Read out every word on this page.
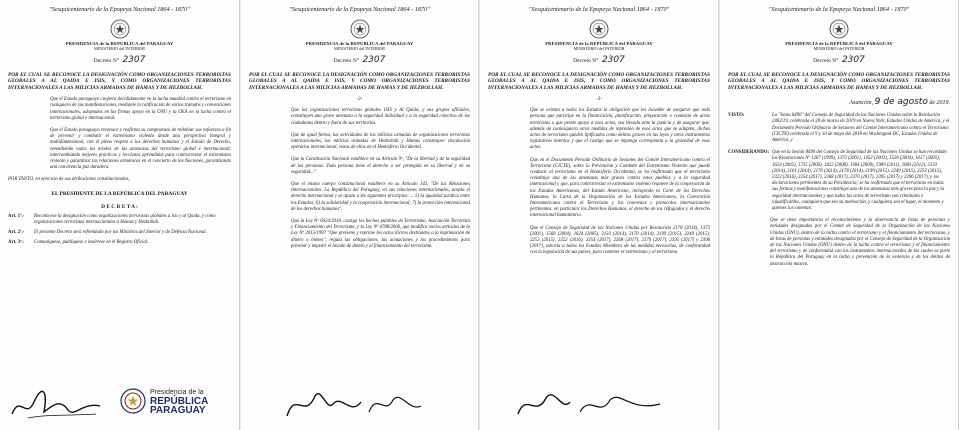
"Sesquicentenario de la Epopeya Nacional 1864 - 1870"
PRESIDENCIA de la REPÚBLICA del PARAGUAY
MINISTERIO del INTERIOR
Decreto N° 2307
POR EL CUAL SE RECONOCE LA DESIGNACIÓN COMO ORGANIZACIONES TERRORISTAS GLOBALES A AL QAIDA E ISIS, Y COMO ORGANIZACIONES TERRORISTAS INTERNACIONALES A LAS MILICIAS ARMADAS DE HAMAS Y DE HEZBOLLAH.
Que el Estado paraguayo coopera decididamente en la lucha mundial contra el terrorismo en cualquiera de sus manifestaciones, mediante la ratificación de varios tratados y convenciones internacionales, adoptados en las firmas apoyo en la ONU y la OEA en la lucha contra el terrorismo global e internacional.
Que el Estado paraguayo reconoce y reafirma su compromiso de redoblar sus esfuerzos a fin de prevenir y combatir el extremismo violento desde una perspectiva integral y multidimensional, con el pleno respeto a los derechos humanos y el Estado de Derecho, entendiendo todos los niveles de las amenazas del terrorismo global e internacional; intercambiando mejores prácticas y lecciones aprendidas para contrarrestar el extremismo violento y garantizar las relaciones armónicas en el concierto de las Naciones, garantizando una convivencia paz duradera.
POR TANTO, en ejercicio de sus atribuciones constitucionales,
EL PRESIDENTE DE LA REPÚBLICA DEL PARAGUAY
D E C R E T A :
Art. 1º.-	Reconócese la designación como organizaciones terroristas globales a Isis y al Qaida, y como organizaciones terroristas internacionales a Hamas y Hezbollah.
Art. 2º.-	El presente Decreto será refrendado por los Ministros del Interior y de Defensa Nacional.
Art. 3º.-	Comuníquese, publíquese e insértese en el Registro Oficial.
Presidencia de la
REPÚBLICA
PARAGUAY
"Sesquicentenario de la Epopeya Nacional 1864 - 1870"
PRESIDENCIA de la REPÚBLICA del PARAGUAY
MINISTERIO del INTERIOR
Decreto N° 2307
POR EL CUAL SE RECONOCE LA DESIGNACIÓN COMO ORGANIZACIONES TERRORISTAS GLOBALES A AL QAIDA E ISIS, Y COMO ORGANIZACIONES TERRORISTAS INTERNACIONALES A LAS MILICIAS ARMADAS DE HAMAS Y DE HEZBOLLAH.
-2-
Que las organizaciones terroristas globales ISIS y Al Qaida, y sus grupos afiliados, constituyen una grave amenaza a la seguridad individual y a la seguridad colectiva de los ciudadanos dentro y fuera de sus territorios.
Que de igual forma, las actividades de las milicias armadas de organizaciones terroristas internacionales, las milicias armadas de Hezbollah y Hamas constituyen vinculación operativa internacional, vistas de ellas en el Hemisferio Occidental.
Que la Constitución Nacional establece en su Artículo 9º, "De la libertad y de la seguridad de las personas. Toda persona tiene el derecho a ser protegida en su libertad y en su seguridad..."
Que el mismo cuerpo constitucional establece en su Artículo 143, "De las Relaciones Internacionales. La República del Paraguay, en sus relaciones internacionales, acepta el derecho internacional y se ajusta a los siguientes principios: ... 5) la igualdad jurídica entre los Estados; 6) la solidaridad y la cooperación internacional; 7) la protección internacional de los derechos humanos".
Que la Ley Nº 6024/2018, castiga los hechos punibles de Terrorismo, Asociación Terrorista y Financiamiento del Terrorismo, y la Ley Nº 4788/2006, que modifica varios artículos de la Ley Nº 2015/1997 "Que previene y reprime los actos ilícitos destinados a la legitimación de dinero o bienes", regula las obligaciones, las actuaciones y los procedimientos para prevenir y impedir el lavado de dinero y el financiamiento del terrorismo.
"Sesquicentenario de la Epopeya Nacional 1864 - 1870"
PRESIDENCIA de la REPÚBLICA del PARAGUAY
MINISTERIO del INTERIOR
Decreto N° 2307
POR EL CUAL SE RECONOCE LA DESIGNACIÓN COMO ORGANIZACIONES TERRORISTAS GLOBALES A AL QAIDA E ISIS, Y COMO ORGANIZACIONES TERRORISTAS INTERNACIONALES A LAS MILICIAS ARMADAS DE HAMAS Y DE HEZBOLLAH.
-3-
Que se orienta a todos los Estados la obligación que les incumbe de asegurar que toda persona que participe en la financiación, planificación, preparación o comisión de actos terroristas o que preste apoyo a esos actos, sea llevada ante la justicia y de asegurar que, además de cualesquiera otras medidas de represión de esos actos que se adopten, dichos actos de terrorismo queden tipificados como delitos graves en las leyes y otros instrumentos legislativos internos y que el castigo que se imponga corresponda a la gravedad de esos actos.
Que en el Documento Período Ordinario de Sesiones del Comité Interamericano contra el Terrorismo (CICTE), sobre la Prevención y Combate del Extremismo Violento que puede conducir al terrorismo en el Hemisferio Occidental, se ha reafirmado que el terrorismo constituye una de las amenazas más graves contra estos pueblos y a la seguridad internacional y que, para contrarrestar el extremismo violento requiere de la cooperación de los Estados Americanos, del Estado Americano, incluyendo la Corte de los Derechos Humanos, la Carta de la Organización de los Estados Americanos, la Convención Interamericana contra el Terrorismo y los convenios y protocolos internacionales pertinentes, en particular los Derechos Humanos, el derecho de los refugiados y el derecho internacional humanitario.
Que el Consejo de Seguridad de las Naciones Unidas por Resolución 2178 (2014), 1373 (2001), 1566 (2004), 1624 (2005), 2133 (2014), 2170 (2014), 2199 (2015), 2249 (2015), 2253 (2015), 2322 (2016), 2354 (2017), 2368 (2017), 2370 (2017), 2395 (2017) y 2396 (2017), exhorta a todos los Estados Miembros de las medidas necesarias, de conformidad con la legislación de sus países, para contener el extremismo y el terrorismo.
"Sesquicentenario de la Epopeya Nacional 1864 - 1870"
PRESIDENCIA de la REPÚBLICA del PARAGUAY
MINISTERIO del INTERIOR
Decreto N° 2307
POR EL CUAL SE RECONOCE LA DESIGNACIÓN COMO ORGANIZACIONES TERRORISTAS GLOBALES A AL QAIDA E ISIS, Y COMO ORGANIZACIONES TERRORISTAS INTERNACIONALES A LAS MILICIAS ARMADAS DE HAMAS Y DE HEZBOLLAH.
Asunción, 9 de agosto de 2019.
VISTO:	La "Sexta 6490" del Consejo de Seguridad de las Naciones Unidas sobre la Resolución 2462/19, celebrada el 28 de marzo de 2019 en Nueva York, Estados Unidos de América, y el Documento Período Ordinario de Sesiones del Comité Interamericano contra el Terrorismo (CICTE) celebrado el 9 y 10 de mayo del 2018 en Washington DC, Estados Unidos de América, y
CONSIDERANDO: Que en la Sesión 8490 del Consejo de Seguridad de las Naciones Unidas se han recordado las Resoluciones Nº 1267 (1999), 1373 (2001), 1452 (2002), 1526 (2004), 1617 (2005), 1624 (2005), 1735 (2006), 1822 (2008), 1904 (2009), 1989 (2011), 2083 (2012), 2133 (2014), 2161 (2014), 2170 (2014), 2178 (2014), 2199 (2015), 2249 (2015), 2253 (2015), 2322 (2016), 2354 (2017), 2368 (2017), 2370 (2017), 2395 (2017) y 2396 (2017), y las declaraciones pertinentes de su Presidencia; se ha reafirmado que el terrorismo en todas sus formas y manifestaciones constituye una de las amenazas más graves para la paz y la seguridad internacionales y que todos los actos de terrorismo son criminales e injustificables, cualquiera que sea su motivación, y cualquiera sea el lugar, el momento y quienes los cometan.
Que se tiene importancia el reconocimiento y la observancia de listas de personas y entidades designadas por el Comité de Seguridad de la Organización de las Naciones Unidas (ONU), dentro de la lucha contra el terrorismo y el financiamiento del terrorismo, y de listas de personas y entidades designadas por el Consejo de Seguridad de la Organización de las Naciones Unidas (ONU) dentro de la lucha contra el terrorismo y el financiamiento del terrorismo y de conformidad con los instrumentos internacionales de los cuales es parte la República del Paraguay en la lucha y prevención de la violencia y de los delitos de destrucción masiva.
